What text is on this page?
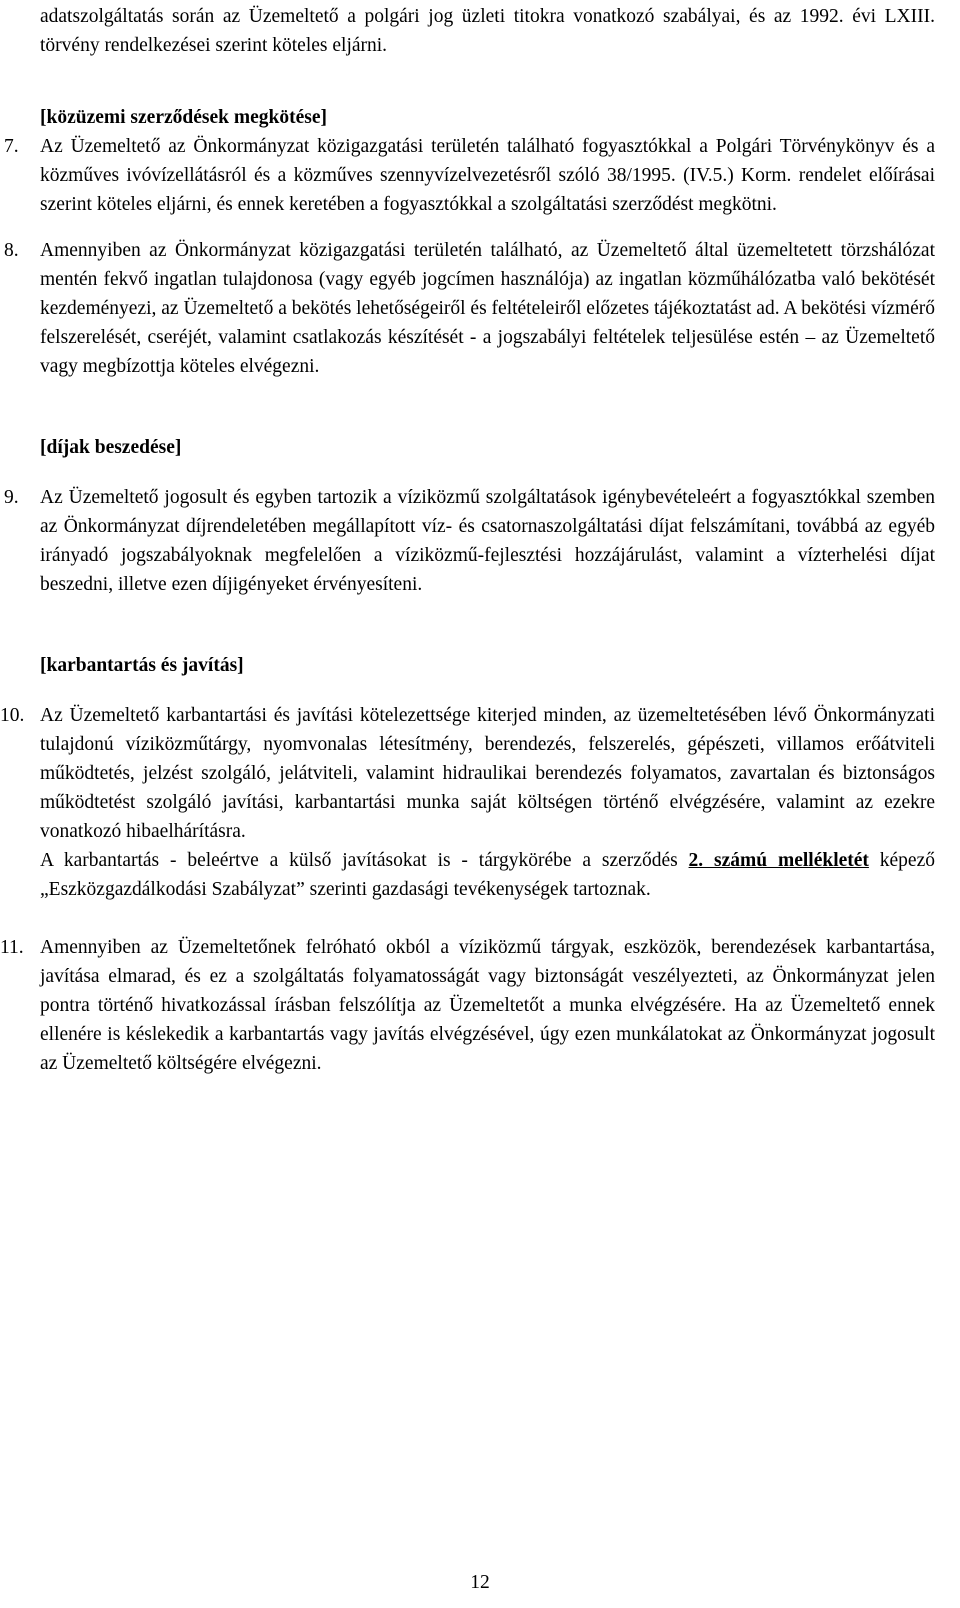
adatszolgáltatás során az Üzemeltető a polgári jog üzleti titokra vonatkozó szabályai, és az 1992. évi LXIII. törvény rendelkezései szerint köteles eljárni.

[közüzemi szerződések megkötése]

7.	Az Üzemeltető az Önkormányzat közigazgatási területén található fogyasztókkal a Polgári Törvénykönyv és a közműves ivóvízellátásról és a közműves szennyvízelvezetésről szóló 38/1995. (IV.5.) Korm. rendelet előírásai szerint köteles eljárni, és ennek keretében a fogyasztókkal a szolgáltatási szerződést megkötni.
8.	Amennyiben az Önkormányzat közigazgatási területén található, az Üzemeltető által üzemeltetett törzshálózat mentén fekvő ingatlan tulajdonosa (vagy egyéb jogcímen használója) az ingatlan közműhálózatba való bekötését kezdeményezi, az Üzemeltető a bekötés lehetőségeiről és feltételeiről előzetes tájékoztatást ad. A bekötési vízmérő felszerelését, cseréjét, valamint csatlakozás készítését - a jogszabályi feltételek teljesülése estén – az Üzemeltető vagy megbízottja köteles elvégezni.

[díjak beszedése]

9.	Az Üzemeltető jogosult és egyben tartozik a víziközmű szolgáltatások igénybevételeért a fogyasztókkal szemben az Önkormányzat díjrendeletében megállapított víz- és csatornaszolgáltatási díjat felszámítani, továbbá az egyéb irányadó jogszabályoknak megfelelően a víziközmű-fejlesztési hozzájárulást, valamint a vízterhelési díjat beszedni, illetve ezen díjigényeket érvényesíteni.

[karbantartás és javítás]

10. Az Üzemeltető karbantartási és javítási kötelezettsége kiterjed minden, az üzemeltetésében lévő Önkormányzati tulajdonú víziközműtárgy, nyomvonalas létesítmény, berendezés, felszerelés, gépészeti, villamos erőátviteli működtetés, jelzést szolgáló, jelátviteli, valamint hidraulikai berendezés folyamatos, zavartalan és biztonságos működtetést szolgáló javítási, karbantartási munka saját költségen történő elvégzésére, valamint az ezekre vonatkozó hibaelhárításra.
A karbantartás - beleértve a külső javításokat is - tárgykörébe a szerződés 2. számú mellékletét képező „Eszközgazdálkodási Szabályzat” szerinti gazdasági tevékenységek tartoznak.
11. Amennyiben az Üzemeltetőnek felróható okból a víziközmű tárgyak, eszközök, berendezések karbantartása, javítása elmarad, és ez a szolgáltatás folyamatosságát vagy biztonságát veszélyezteti, az Önkormányzat jelen pontra történő hivatkozással írásban felszólítja az Üzemeltetőt a munka elvégzésére. Ha az Üzemeltető ennek ellenére is késlekedik a karbantartás vagy javítás elvégzésével, úgy ezen munkálatokat az Önkormányzat jogosult az Üzemeltető költségére elvégezni.
12
